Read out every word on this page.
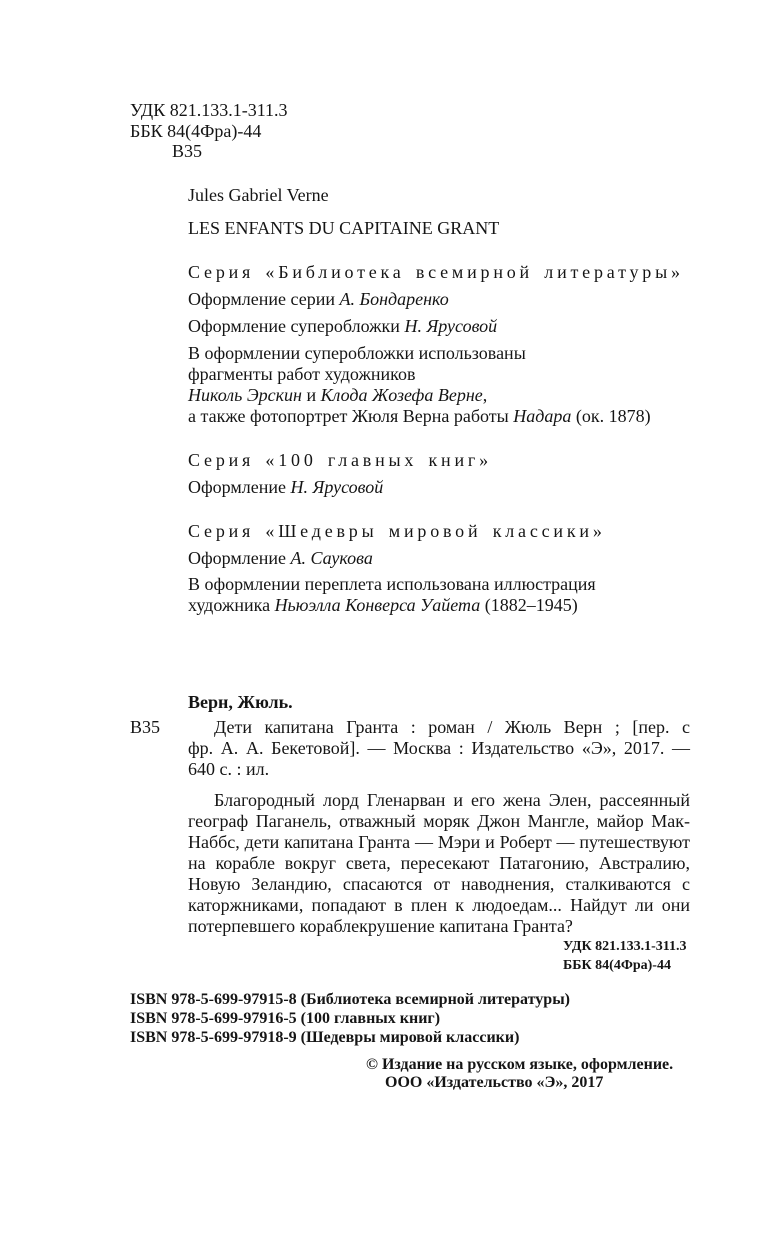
УДК 821.133.1-311.3
ББК 84(4Фра)-44
В35
Jules Gabriel Verne
LES ENFANTS DU CAPITAINE GRANT
Серия «Библиотека всемирной литературы»
Оформление серии А. Бондаренко
Оформление суперобложки Н. Ярусовой
В оформлении суперобложки использованы
фрагменты работ художников
Николь Эрскин и Клода Жозефа Верне,
а также фотопортрет Жюля Верна работы Надара (ок. 1878)
Серия «100 главных книг»
Оформление Н. Ярусовой
Серия «Шедевры мировой классики»
Оформление А. Саукова
В оформлении переплета использована иллюстрация
художника Ньюэлла Конверса Уайета (1882–1945)
Верн, Жюль.
В35	Дети капитана Гранта : роман / Жюль Верн ; [пер. с
фр. А. А. Бекетовой]. — Москва : Издательство «Э», 2017. —
640 с. : ил.
Благородный лорд Гленарван и его жена Элен, рассеянный
географ Паганель, отважный моряк Джон Мангле, майор Мак-
Наббс, дети капитана Гранта — Мэри и Роберт — путешествуют
на корабле вокруг света, пересекают Патагонию, Австралию,
Новую Зеландию, спасаются от наводнения, сталкиваются с
каторжниками, попадают в плен к людоедам... Найдут ли они
потерпевшего кораблекрушение капитана Гранта?
УДК 821.133.1-311.3
ББК 84(4Фра)-44
ISBN 978-5-699-97915-8 (Библиотека всемирной литературы)
ISBN 978-5-699-97916-5 (100 главных книг)
ISBN 978-5-699-97918-9 (Шедевры мировой классики)
© Издание на русском языке, оформление.
ООО «Издательство «Э», 2017
